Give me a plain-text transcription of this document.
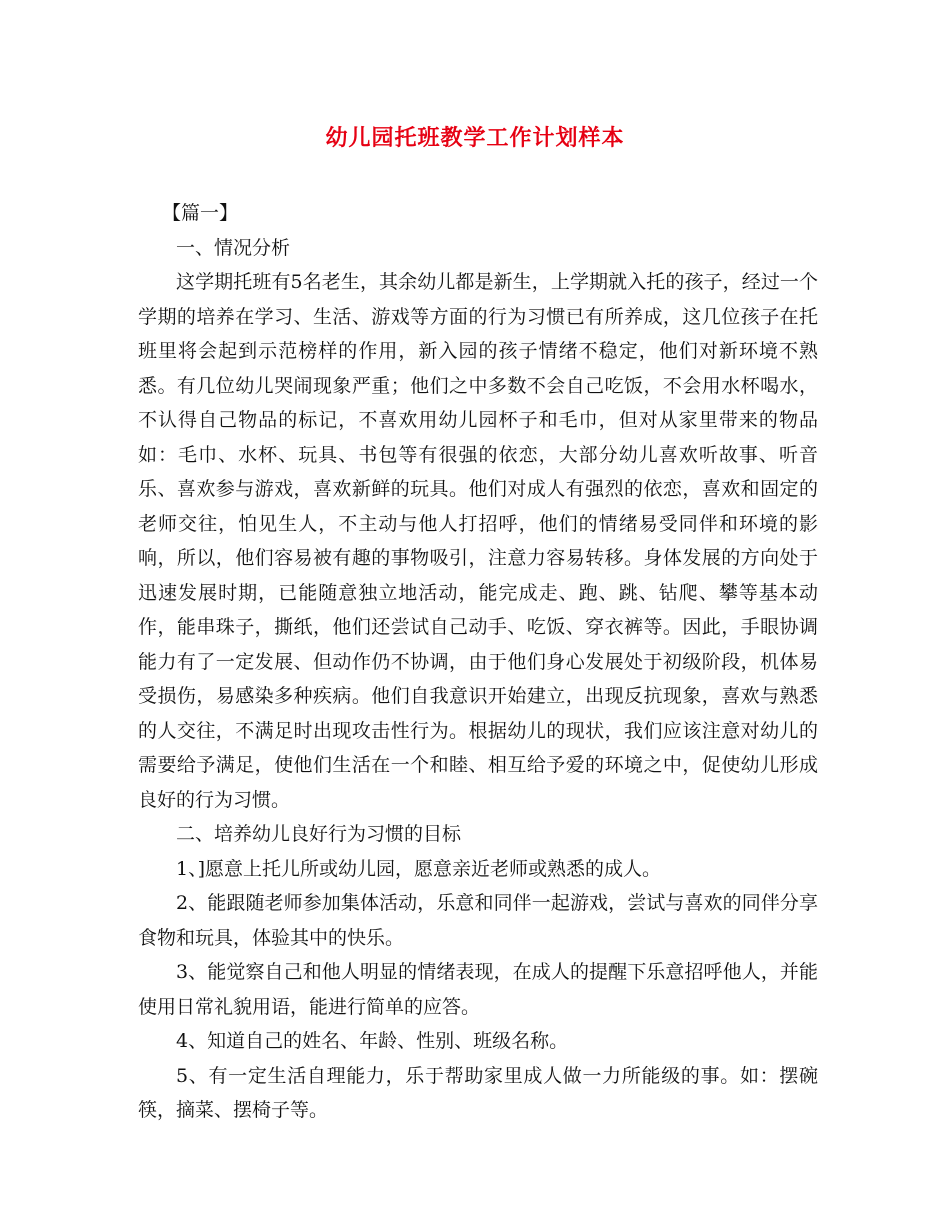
幼儿园托班教学工作计划样本

【篇一】

一、情况分析

这学期托班有5名老生，其余幼儿都是新生，上学期就入托的孩子，经过一个学期的培养在学习、生活、游戏等方面的行为习惯已有所养成，这几位孩子在托班里将会起到示范榜样的作用，新入园的孩子情绪不稳定，他们对新环境不熟悉。有几位幼儿哭闹现象严重；他们之中多数不会自己吃饭，不会用水杯喝水，不认得自己物品的标记，不喜欢用幼儿园杯子和毛巾，但对从家里带来的物品如：毛巾、水杯、玩具、书包等有很强的依恋，大部分幼儿喜欢听故事、听音乐、喜欢参与游戏，喜欢新鲜的玩具。他们对成人有强烈的依恋，喜欢和固定的老师交往，怕见生人，不主动与他人打招呼，他们的情绪易受同伴和环境的影响，所以，他们容易被有趣的事物吸引，注意力容易转移。身体发展的方向处于迅速发展时期，已能随意独立地活动，能完成走、跑、跳、钻爬、攀等基本动作，能串珠子，撕纸，他们还尝试自己动手、吃饭、穿衣裤等。因此，手眼协调能力有了一定发展、但动作仍不协调，由于他们身心发展处于初级阶段，机体易受损伤，易感染多种疾病。他们自我意识开始建立，出现反抗现象，喜欢与熟悉的人交往，不满足时出现攻击性行为。根据幼儿的现状，我们应该注意对幼儿的需要给予满足，使他们生活在一个和睦、相互给予爱的环境之中，促使幼儿形成良好的行为习惯。

二、培养幼儿良好行为习惯的目标

1、]愿意上托儿所或幼儿园，愿意亲近老师或熟悉的成人。

2、能跟随老师参加集体活动，乐意和同伴一起游戏，尝试与喜欢的同伴分享食物和玩具，体验其中的快乐。

3、能觉察自己和他人明显的情绪表现，在成人的提醒下乐意招呼他人，并能使用日常礼貌用语，能进行简单的应答。

4、知道自己的姓名、年龄、性别、班级名称。

5、有一定生活自理能力，乐于帮助家里成人做一力所能级的事。如：摆碗筷，摘菜、摆椅子等。
